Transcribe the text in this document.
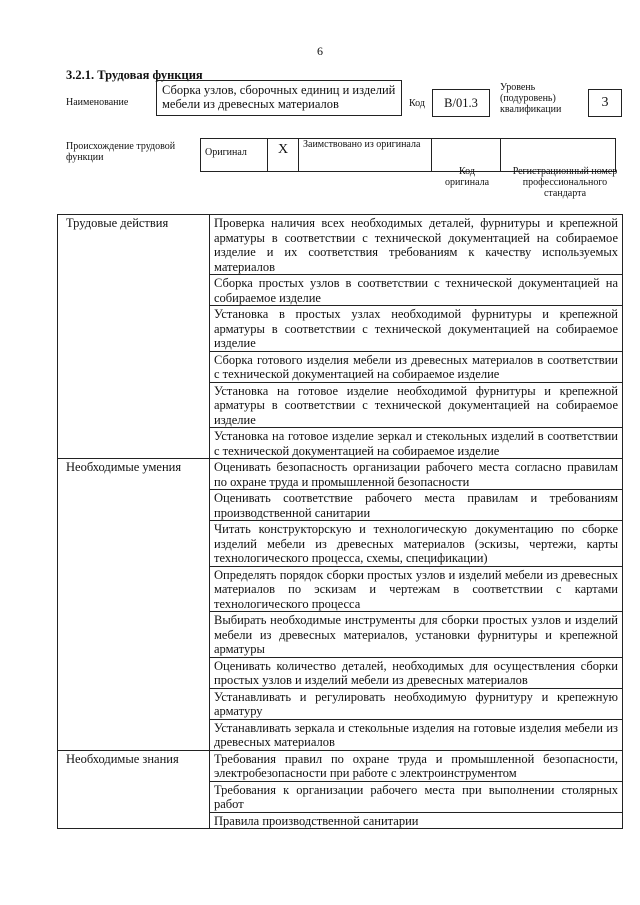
6
3.2.1. Трудовая функция
Наименование
Сборка узлов, сборочных единиц и изделий мебели из древесных материалов	Код	В/01.3
Уровень (подуровень) квалификации	3
Происхождение трудовой функции	Оригинал	X	Заимствовано из оригинала		
Код оригинала
Регистрационный номер профессионального стандарта
Трудовые действия	Проверка наличия всех необходимых деталей, фурнитуры и крепежной арматуры в соответствии с технической документацией на собираемое изделие и их соответствия требованиям к качеству используемых материалов
	Сборка простых узлов в соответствии с технической документацией на собираемое изделие
	Установка в простых узлах необходимой фурнитуры и крепежной арматуры в соответствии с технической документацией на собираемое изделие
	Сборка готового изделия мебели из древесных материалов в соответствии с технической документацией на собираемое изделие
	Установка на готовое изделие необходимой фурнитуры и крепежной арматуры в соответствии с технической документацией на собираемое изделие
	Установка на готовое изделие зеркал и стекольных изделий в соответствии с технической документацией на собираемое изделие
Необходимые умения	Оценивать безопасность организации рабочего места согласно правилам по охране труда и промышленной безопасности
	Оценивать соответствие рабочего места правилам и требованиям производственной санитарии
	Читать конструкторскую и технологическую документацию по сборке изделий мебели из древесных материалов (эскизы, чертежи, карты технологического процесса, схемы, спецификации)
	Определять порядок сборки простых узлов и изделий мебели из древесных материалов по эскизам и чертежам в соответствии с картами технологического процесса
	Выбирать необходимые инструменты для сборки простых узлов и изделий мебели из древесных материалов, установки фурнитуры и крепежной арматуры
	Оценивать количество деталей, необходимых для осуществления сборки простых узлов и изделий мебели из древесных материалов
	Устанавливать и регулировать необходимую фурнитуру и крепежную арматуру
	Устанавливать зеркала и стекольные изделия на готовые изделия мебели из древесных материалов
Необходимые знания	Требования правил по охране труда и промышленной безопасности, электробезопасности при работе с электроинструментом
	Требования к организации рабочего места при выполнении столярных работ
	Правила производственной санитарии
